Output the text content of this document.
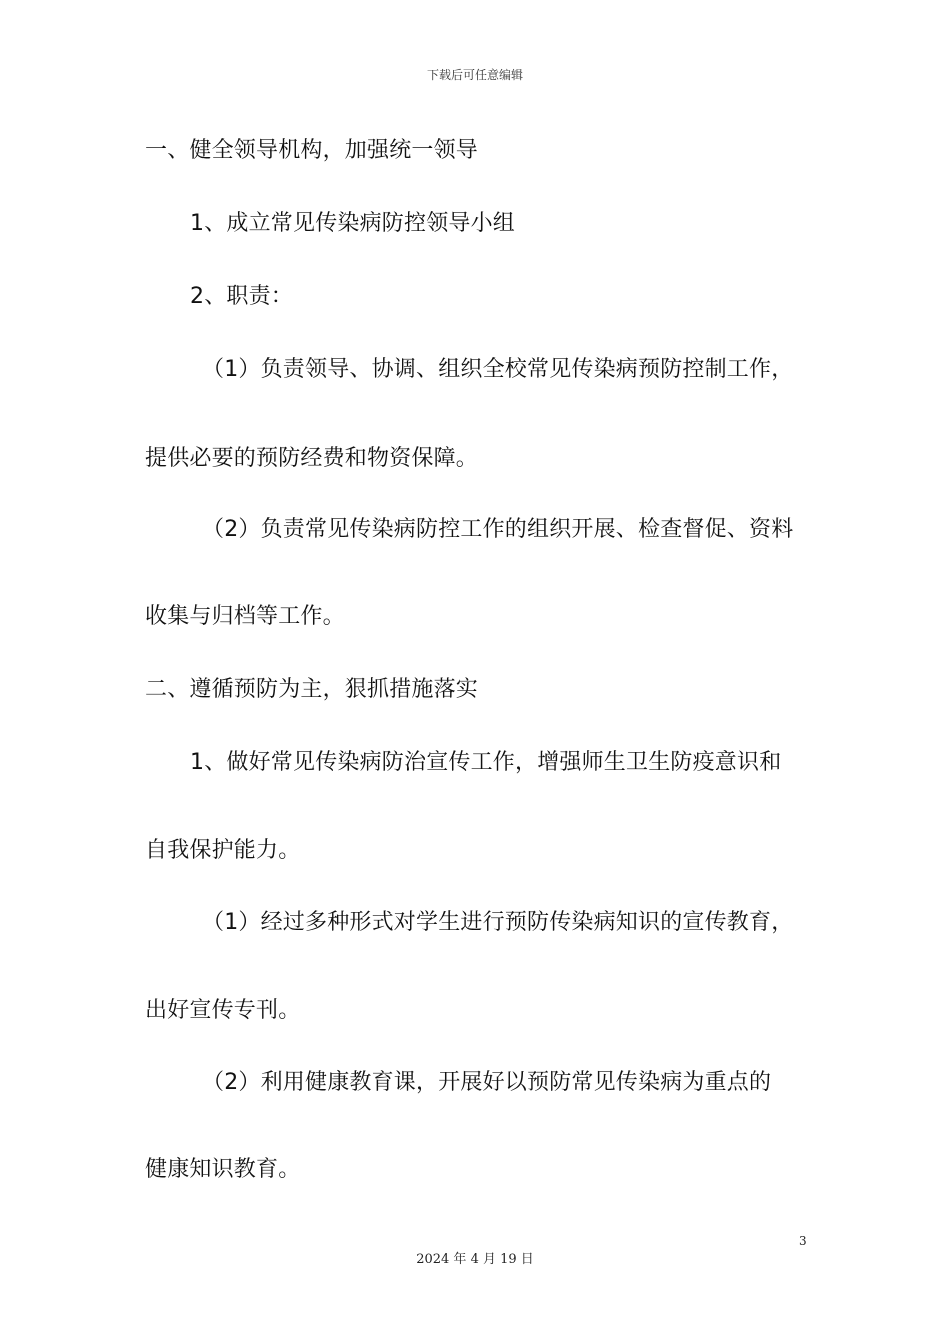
下载后可任意编辑
一、健全领导机构，加强统一领导
1、成立常见传染病防控领导小组
2、职责：
（1）负责领导、协调、组织全校常见传染病预防控制工作，
提供必要的预防经费和物资保障。
（2）负责常见传染病防控工作的组织开展、检查督促、资料
收集与归档等工作。
二、遵循预防为主，狠抓措施落实
1、做好常见传染病防治宣传工作，增强师生卫生防疫意识和
自我保护能力。
（1）经过多种形式对学生进行预防传染病知识的宣传教育，
出好宣传专刊。
（2）利用健康教育课，开展好以预防常见传染病为重点的
健康知识教育。
3
2024 年 4 月 19 日
